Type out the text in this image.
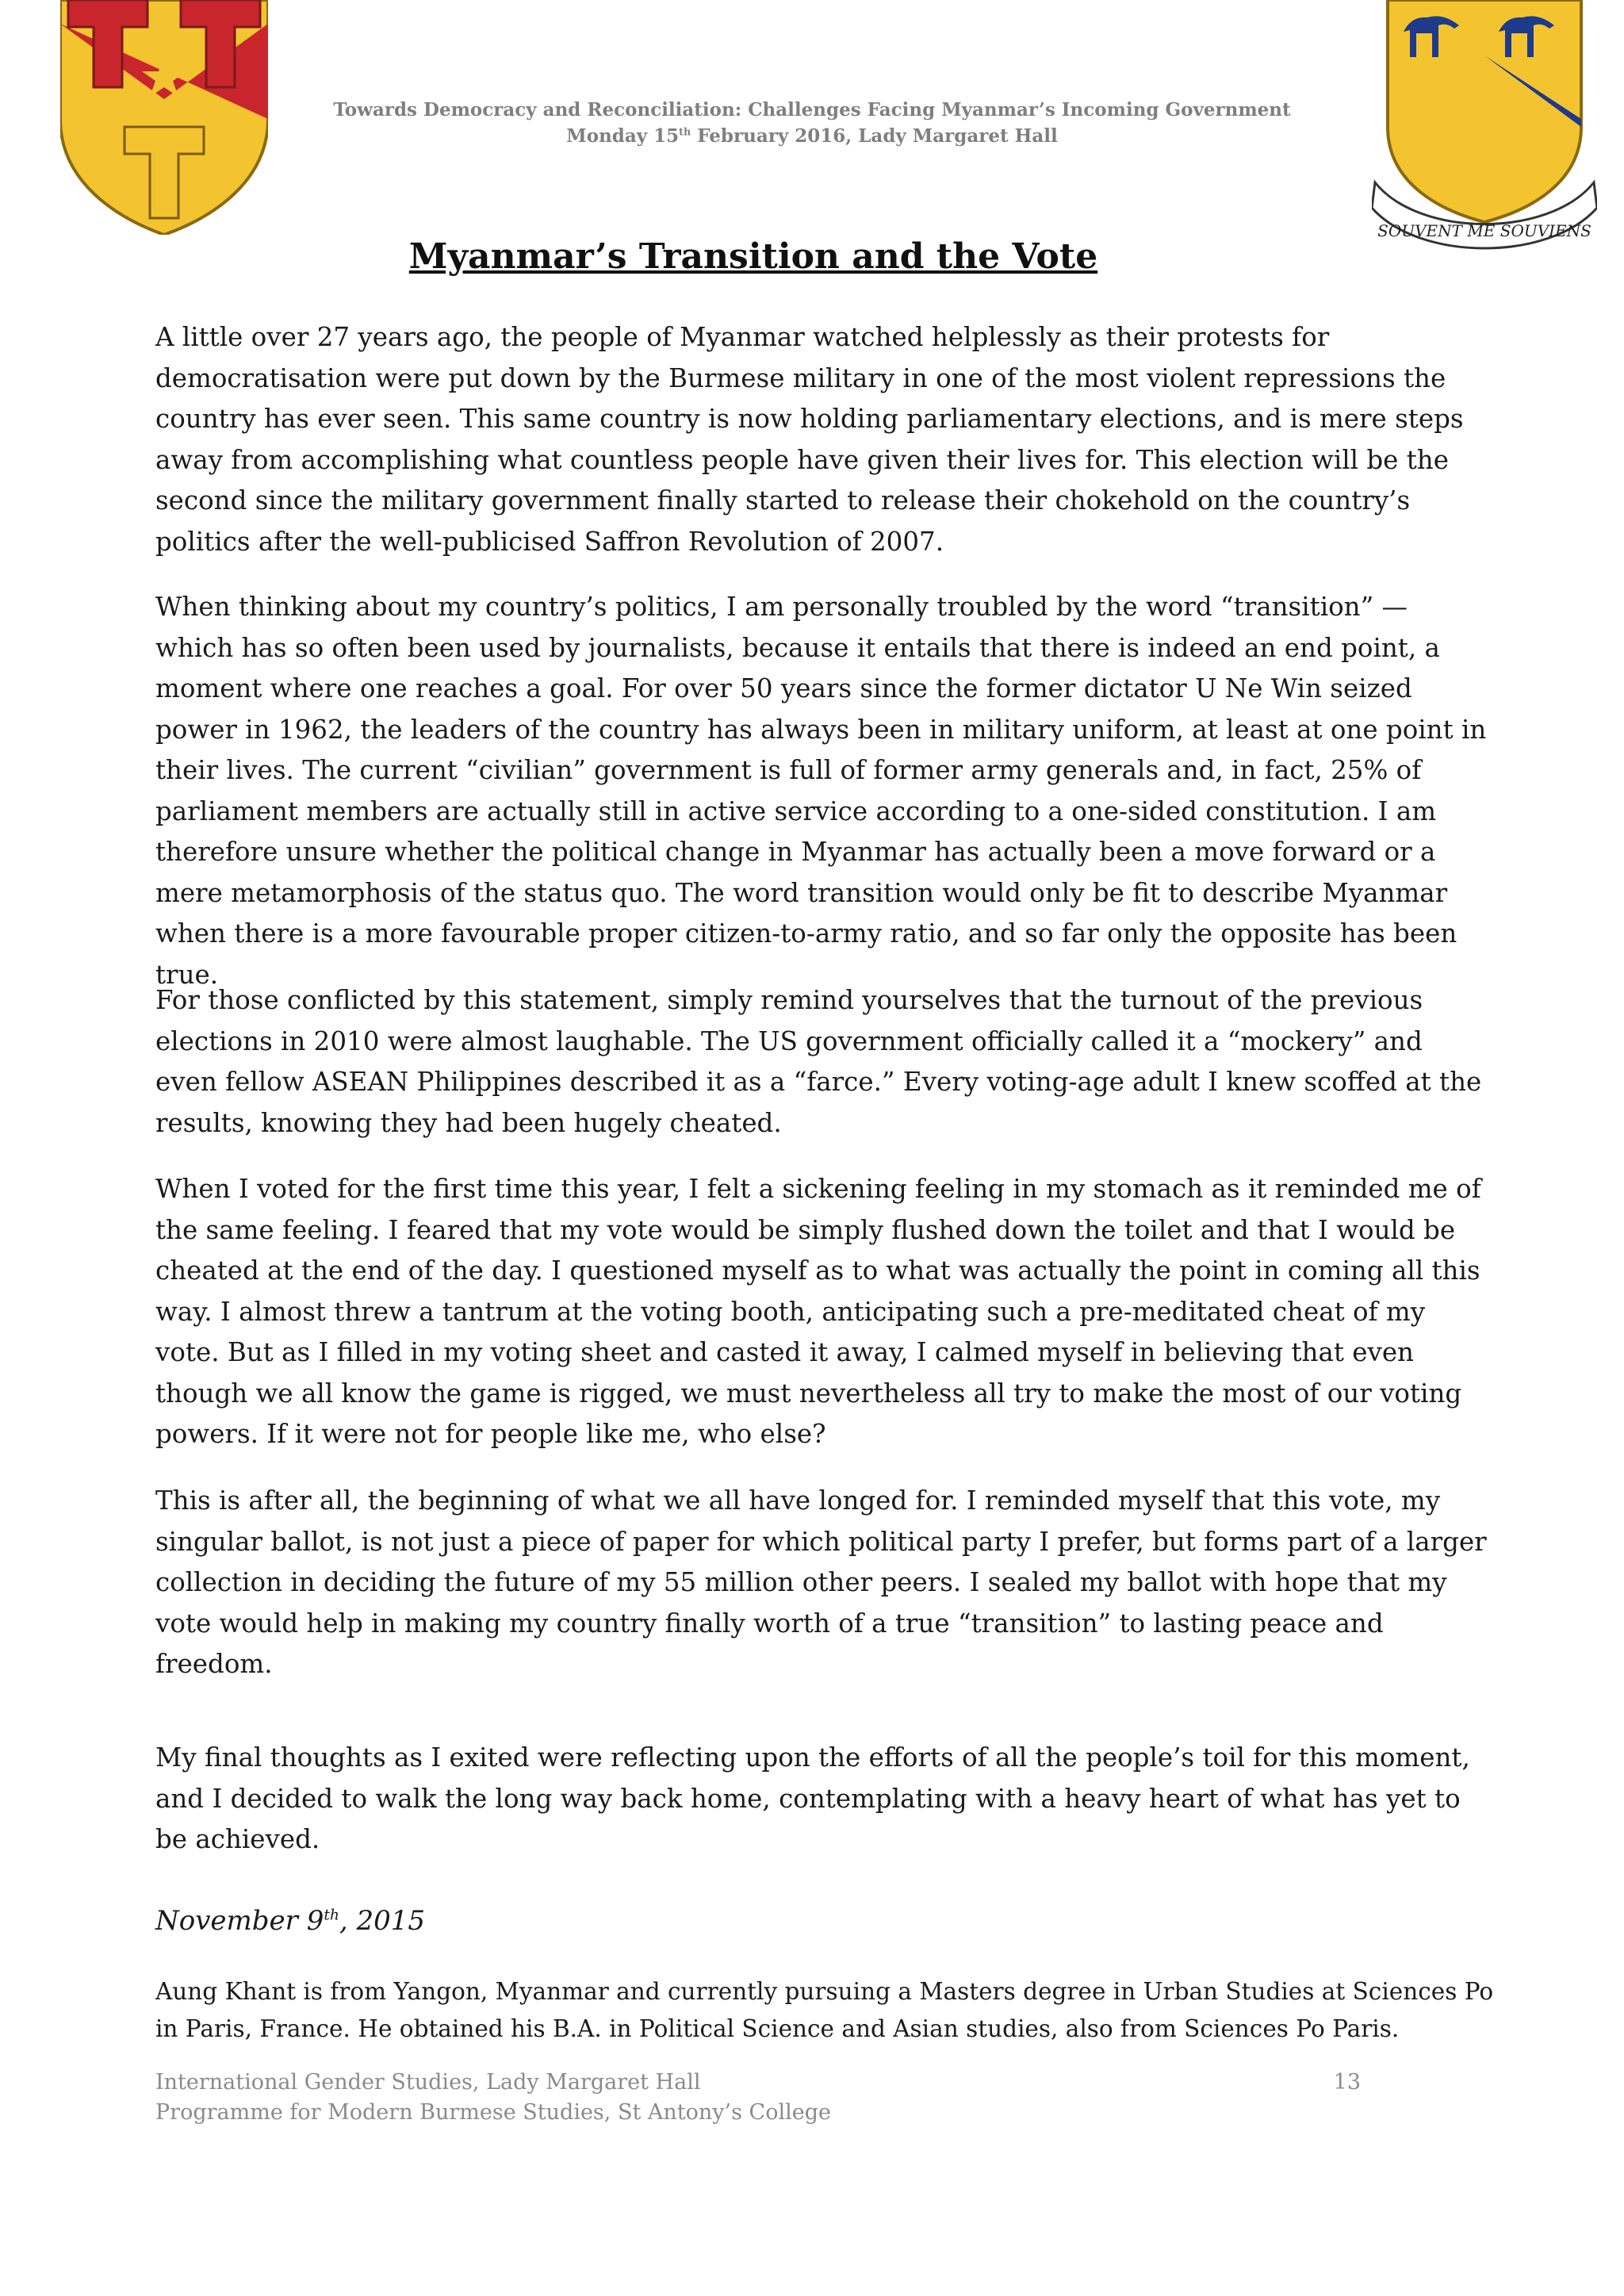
SOUVENT ME SOUVIENS
Towards Democracy and Reconciliation: Challenges Facing Myanmar’s Incoming Government
Monday 15th February 2016, Lady Margaret Hall
Myanmar’s Transition and the Vote

A little over 27 years ago, the people of Myanmar watched helplessly as their protests for democratisation were put down by the Burmese military in one of the most violent repressions the country has ever seen. This same country is now holding parliamentary elections, and is mere steps away from accomplishing what countless people have given their lives for. This election will be the second since the military government finally started to release their chokehold on the country’s politics after the well-publicised Saffron Revolution of 2007.

When thinking about my country’s politics, I am personally troubled by the word “transition” — which has so often been used by journalists, because it entails that there is indeed an end point, a moment where one reaches a goal. For over 50 years since the former dictator U Ne Win seized power in 1962, the leaders of the country has always been in military uniform, at least at one point in their lives. The current “civilian” government is full of former army generals and, in fact, 25% of parliament members are actually still in active service according to a one-sided constitution. I am therefore unsure whether the political change in Myanmar has actually been a move forward or a mere metamorphosis of the status quo. The word transition would only be fit to describe Myanmar when there is a more favourable proper citizen-to-army ratio, and so far only the opposite has been true.

For those conflicted by this statement, simply remind yourselves that the turnout of the previous elections in 2010 were almost laughable. The US government officially called it a “mockery” and even fellow ASEAN Philippines described it as a “farce.” Every voting-age adult I knew scoffed at the results, knowing they had been hugely cheated.

When I voted for the first time this year, I felt a sickening feeling in my stomach as it reminded me of the same feeling. I feared that my vote would be simply flushed down the toilet and that I would be cheated at the end of the day. I questioned myself as to what was actually the point in coming all this way. I almost threw a tantrum at the voting booth, anticipating such a pre-meditated cheat of my vote. But as I filled in my voting sheet and casted it away, I calmed myself in believing that even though we all know the game is rigged, we must nevertheless all try to make the most of our voting powers. If it were not for people like me, who else?

This is after all, the beginning of what we all have longed for. I reminded myself that this vote, my singular ballot, is not just a piece of paper for which political party I prefer, but forms part of a larger collection in deciding the future of my 55 million other peers. I sealed my ballot with hope that my vote would help in making my country finally worth of a true “transition” to lasting peace and freedom.

My final thoughts as I exited were reflecting upon the efforts of all the people’s toil for this moment, and I decided to walk the long way back home, contemplating with a heavy heart of what has yet to be achieved.

November 9th, 2015
Aung Khant is from Yangon, Myanmar and currently pursuing a Masters degree in Urban Studies at Sciences Po in Paris, France. He obtained his B.A. in Political Science and Asian studies, also from Sciences Po Paris.
International Gender Studies, Lady Margaret Hall	13
Programme for Modern Burmese Studies, St Antony’s College
